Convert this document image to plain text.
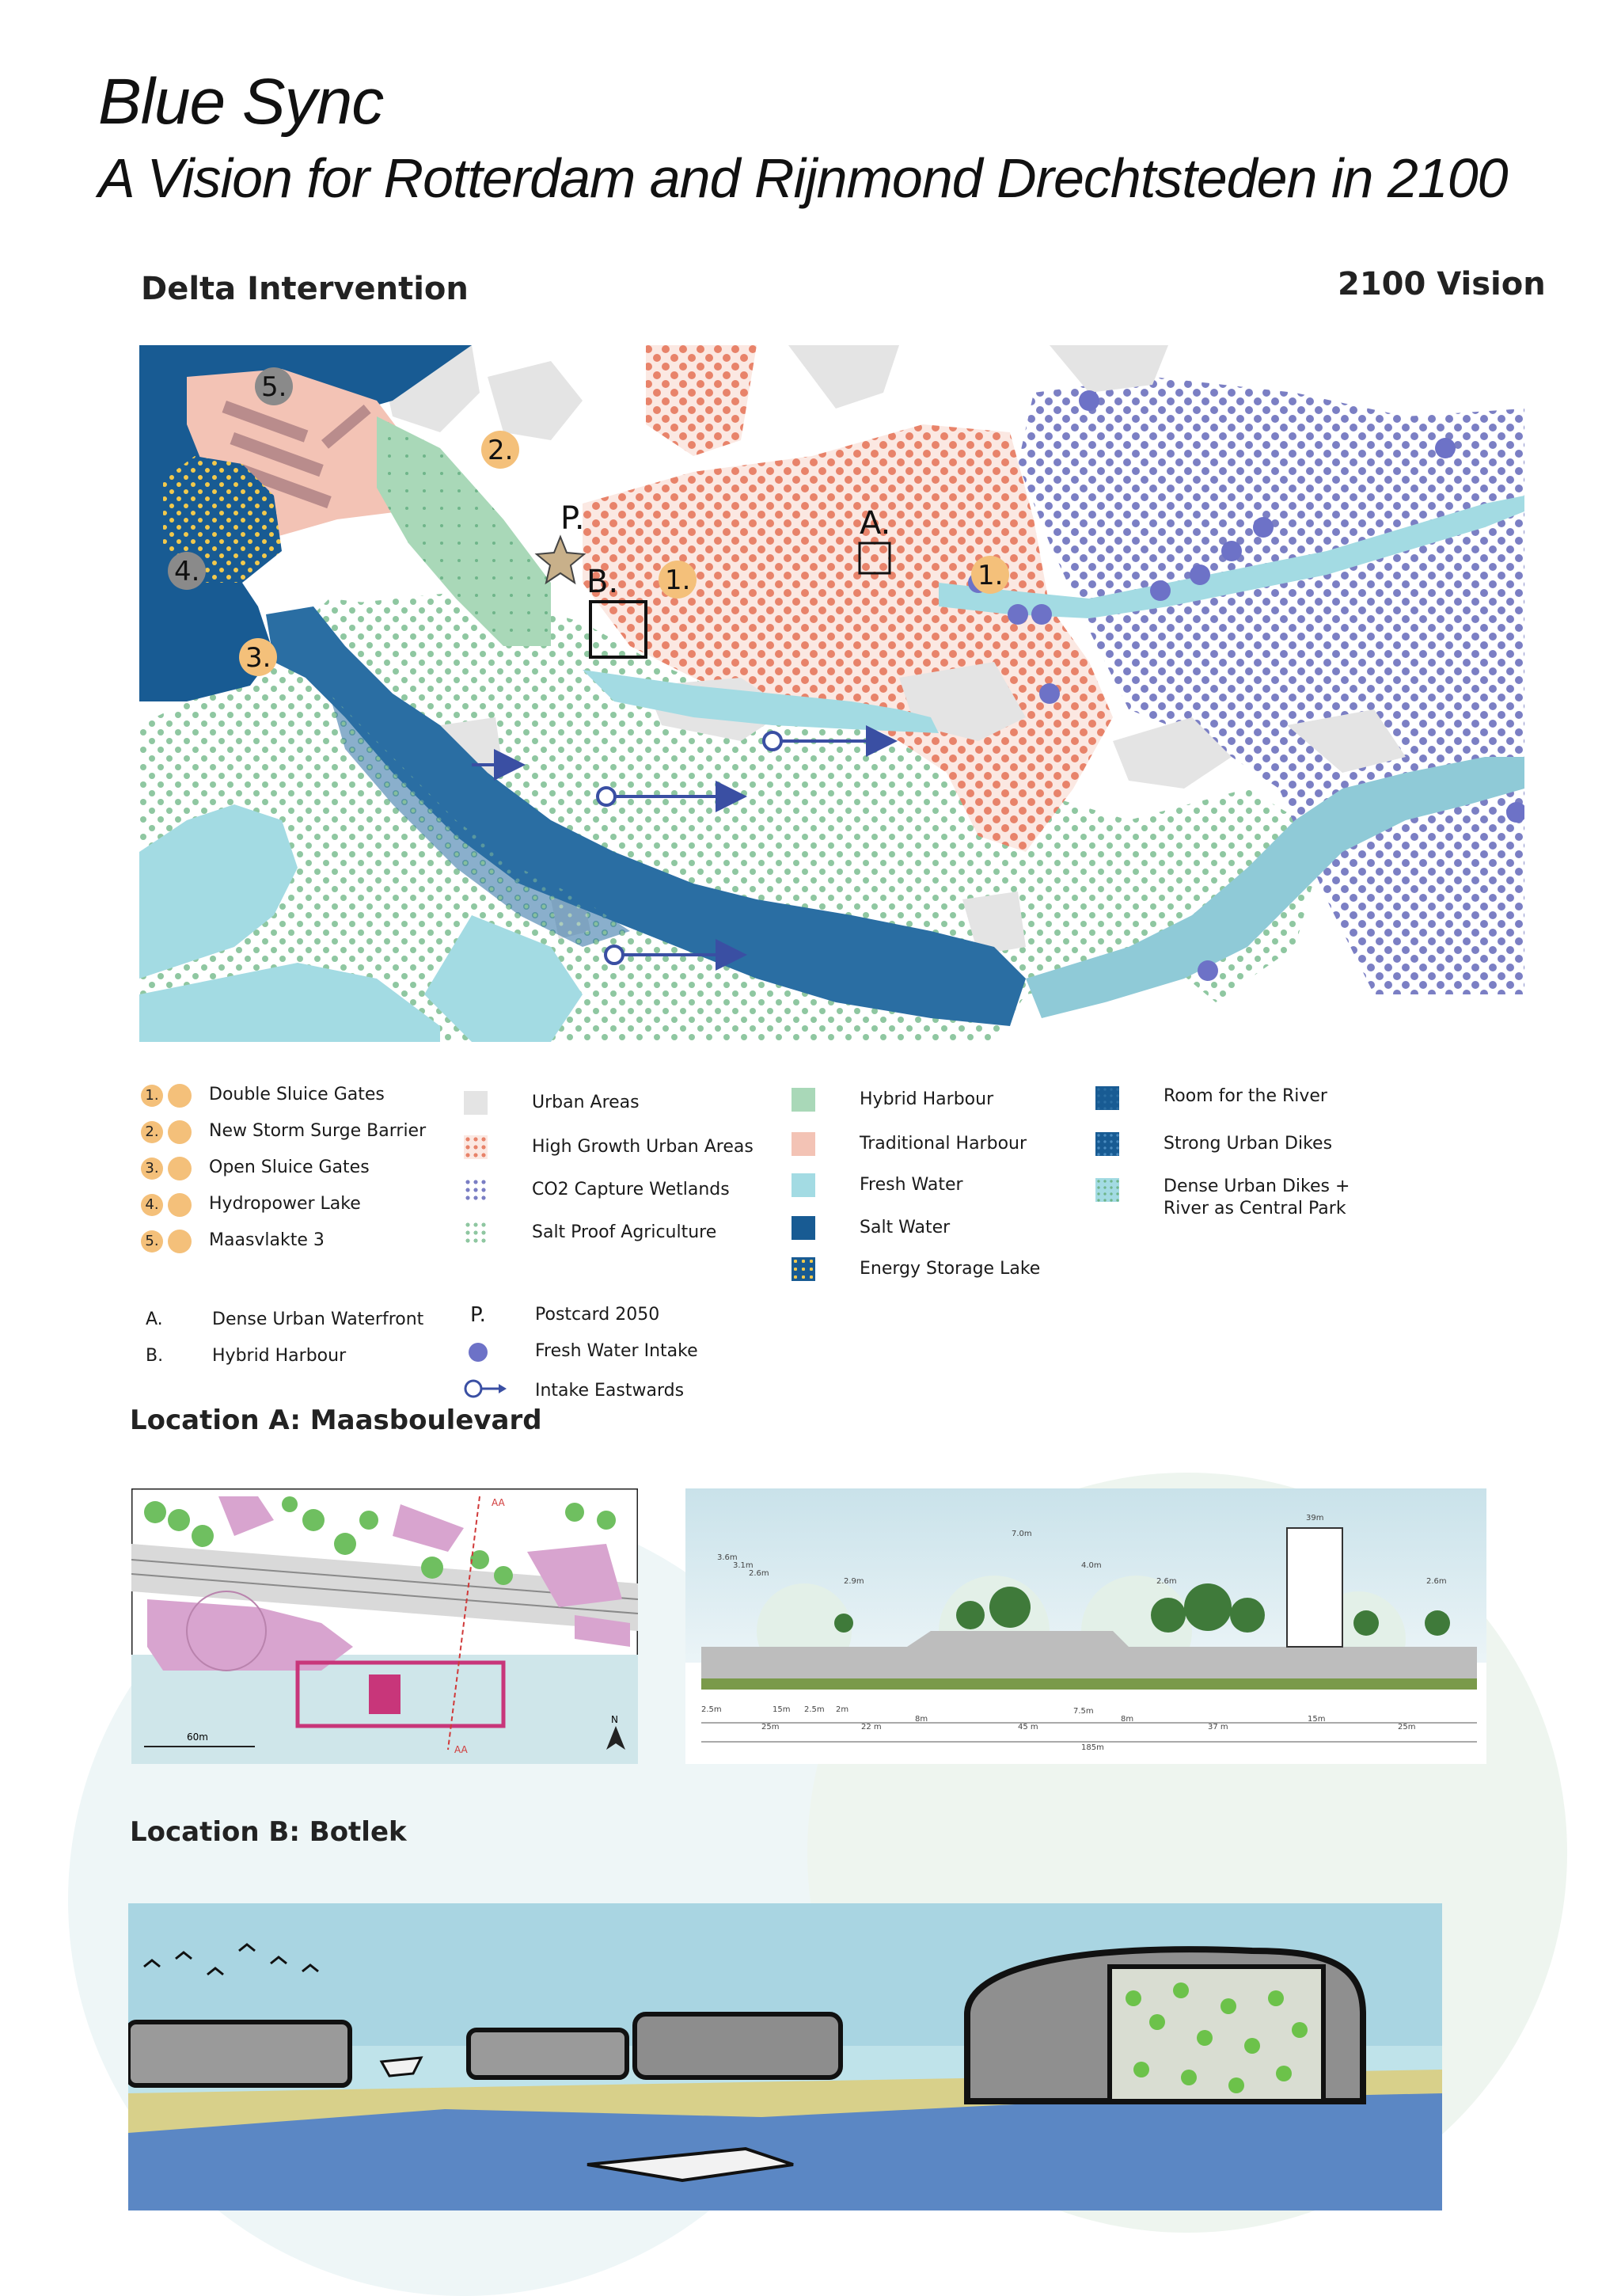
Blue Sync
A Vision for Rotterdam and Rijnmond Drechtsteden in 2100
Delta Intervention	2100 Vision
5.
2.
4.
3.
1.	1.
P.	A.
B.
1.	Double Sluice Gates
2.	New Storm Surge Barrier
3.	Open Sluice Gates
4.	Hydropower Lake
5.	Maasvlakte 3
A.	Dense Urban Waterfront
B.	Hybrid Harbour
Urban Areas
High Growth Urban Areas
CO2 Capture Wetlands
Salt Proof Agriculture
P.	Postcard 2050
Fresh Water Intake
Intake Eastwards
Hybrid Harbour
Traditional Harbour
Fresh Water
Salt Water
Energy Storage Lake
Room for the River
Strong Urban Dikes
Dense Urban Dikes +
River as Central Park
Location A: Maasboulevard
AA
AA
60m
N
3.6m
3.1m
2.6m
2.9m
7.0m
4.0m
2.6m
39m
2.6m
2.5m	15m 2.5m 2m
25m	22 m
8m
45 m
7.5m
8m
37 m
15m
25m
185m
Location B: Botlek
